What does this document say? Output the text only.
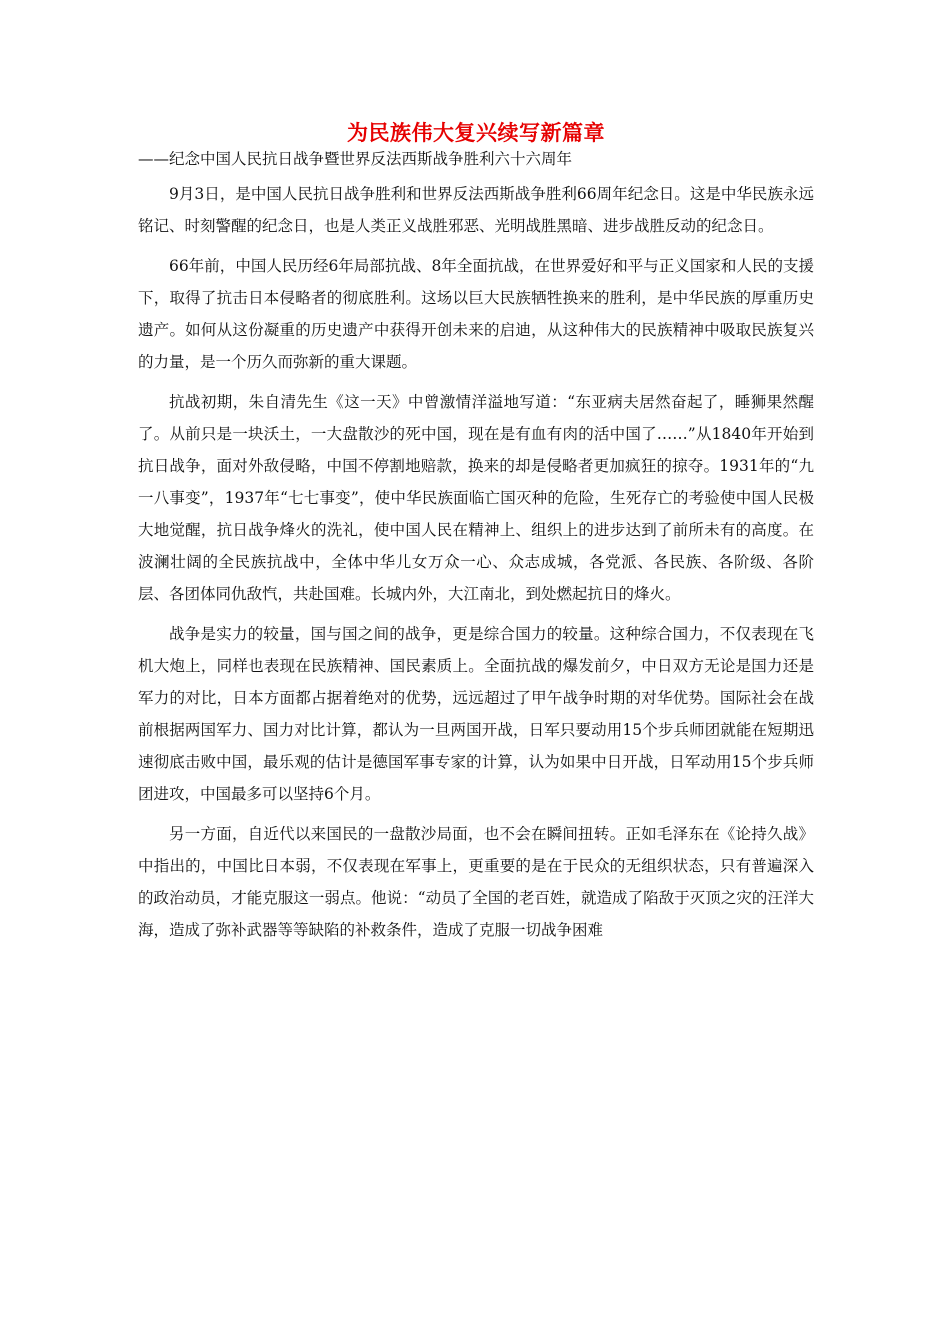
为民族伟大复兴续写新篇章
——纪念中国人民抗日战争暨世界反法西斯战争胜利六十六周年

9月3日，是中国人民抗日战争胜利和世界反法西斯战争胜利66周年纪念日。这是中华民族永远铭记、时刻警醒的纪念日，也是人类正义战胜邪恶、光明战胜黑暗、进步战胜反动的纪念日。

66年前，中国人民历经6年局部抗战、8年全面抗战，在世界爱好和平与正义国家和人民的支援下，取得了抗击日本侵略者的彻底胜利。这场以巨大民族牺牲换来的胜利，是中华民族的厚重历史遗产。如何从这份凝重的历史遗产中获得开创未来的启迪，从这种伟大的民族精神中吸取民族复兴的力量，是一个历久而弥新的重大课题。

抗战初期，朱自清先生《这一天》中曾激情洋溢地写道：“东亚病夫居然奋起了，睡狮果然醒了。从前只是一块沃土，一大盘散沙的死中国，现在是有血有肉的活中国了……”从1840年开始到抗日战争，面对外敌侵略，中国不停割地赔款，换来的却是侵略者更加疯狂的掠夺。1931年的“九一八事变”，1937年“七七事变”，使中华民族面临亡国灭种的危险，生死存亡的考验使中国人民极大地觉醒，抗日战争烽火的洗礼，使中国人民在精神上、组织上的进步达到了前所未有的高度。在波澜壮阔的全民族抗战中，全体中华儿女万众一心、众志成城，各党派、各民族、各阶级、各阶层、各团体同仇敌忾，共赴国难。长城内外，大江南北，到处燃起抗日的烽火。

战争是实力的较量，国与国之间的战争，更是综合国力的较量。这种综合国力，不仅表现在飞机大炮上，同样也表现在民族精神、国民素质上。全面抗战的爆发前夕，中日双方无论是国力还是军力的对比，日本方面都占据着绝对的优势，远远超过了甲午战争时期的对华优势。国际社会在战前根据两国军力、国力对比计算，都认为一旦两国开战，日军只要动用15个步兵师团就能在短期迅速彻底击败中国，最乐观的估计是德国军事专家的计算，认为如果中日开战，日军动用15个步兵师团进攻，中国最多可以坚持6个月。

另一方面，自近代以来国民的一盘散沙局面，也不会在瞬间扭转。正如毛泽东在《论持久战》中指出的，中国比日本弱，不仅表现在军事上，更重要的是在于民众的无组织状态，只有普遍深入的政治动员，才能克服这一弱点。他说：“动员了全国的老百姓，就造成了陷敌于灭顶之灾的汪洋大海，造成了弥补武器等等缺陷的补救条件，造成了克服一切战争困难
